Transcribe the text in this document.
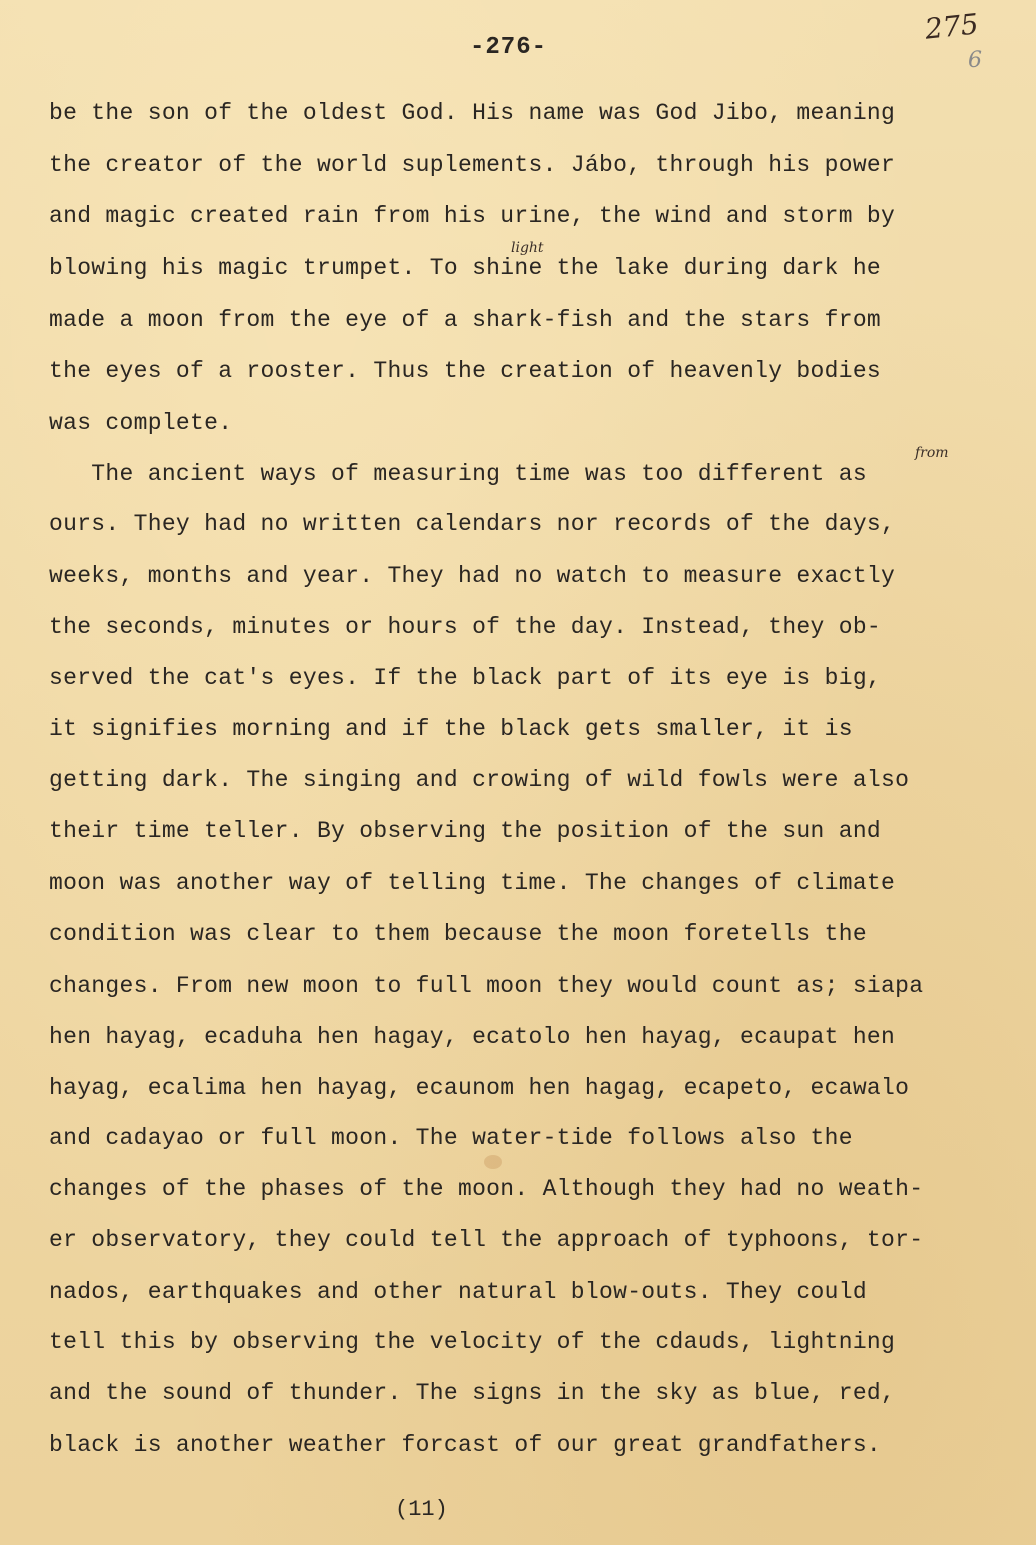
-276-
275
6
be the son of the oldest God. His name was God Jibo, meaning
the creator of the world suplements. Jábo, through his power
and magic created rain from his urine, the wind and storm by
light
blowing his magic trumpet. To shine the lake during dark he
made a moon from the eye of a shark-fish and the stars from
the eyes of a rooster. Thus the creation of heavenly bodies
was complete.
from
The ancient ways of measuring time was too different as
ours. They had no written calendars nor records of the days,
weeks, months and year. They had no watch to measure exactly
the seconds, minutes or hours of the day. Instead, they ob-
served the cat's eyes. If the black part of its eye is big,
it signifies morning and if the black gets smaller, it is
getting dark. The singing and crowing of wild fowls were also
their time teller. By observing the position of the sun and
moon was another way of telling time. The changes of climate
condition was clear to them because the moon foretells the
changes. From new moon to full moon they would count as; siapa
hen hayag, ecaduha hen hagay, ecatolo hen hayag, ecaupat hen
hayag, ecalima hen hayag, ecaunom hen hagag, ecapeto, ecawalo
and cadayao or full moon. The water-tide follows also the
changes of the phases of the moon. Although they had no weath-
er observatory, they could tell the approach of typhoons, tor-
nados, earthquakes and other natural blow-outs. They could
tell this by observing the velocity of the cdauds, lightning
and the sound of thunder. The signs in the sky as blue, red,
black is another weather forcast of our great grandfathers.
(11)
